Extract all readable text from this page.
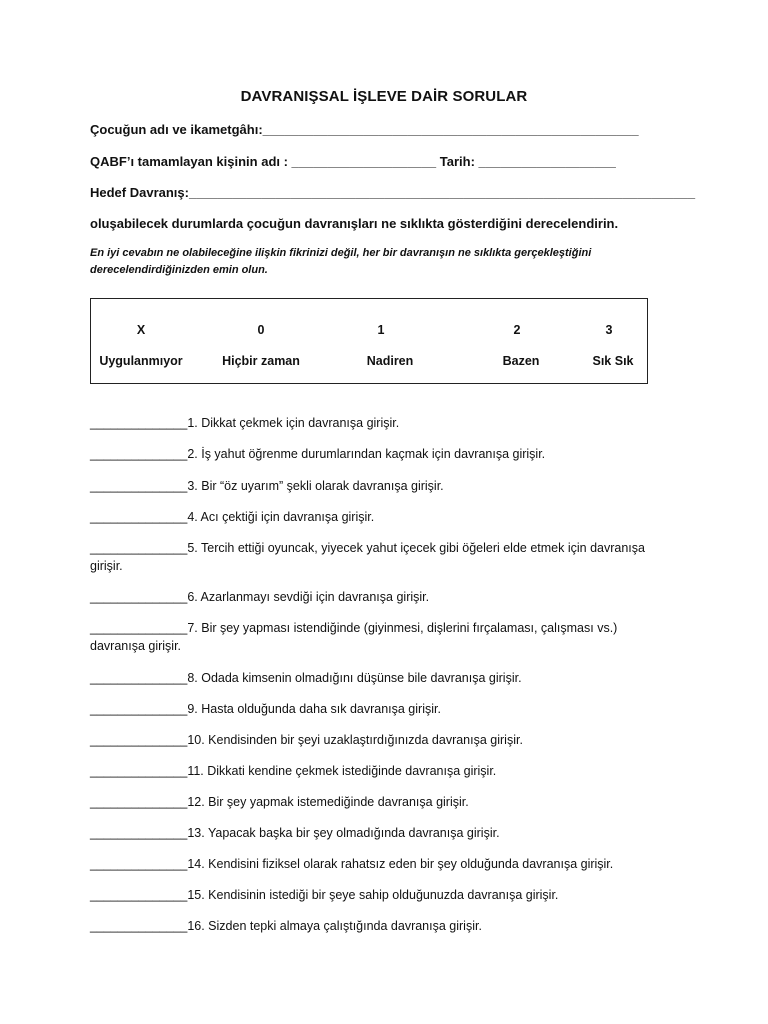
DAVRANIŞSAL İŞLEVE DAİR SORULAR
Çocuğun adı ve ikametgâhı:____________________________________________________
QABF’ı tamamlayan kişinin adı : ____________________ Tarih: ___________________
Hedef Davranış:______________________________________________________________________
oluşabilecek durumlarda çocuğun davranışları ne sıklıkta gösterdiğini derecelendirin.
En iyi cevabın ne olabileceğine ilişkin fikrinizi değil, her bir davranışın ne sıklıkta gerçekleştiğini derecelendirdiğinizden emin olun.
X
Uygulanmıyor
0
Hiçbir zaman
1
Nadiren
2
Bazen
3
Sık Sık
______________1. Dikkat çekmek için davranışa girişir.
______________2. İş yahut öğrenme durumlarından kaçmak için davranışa girişir.
______________3. Bir “öz uyarım” şekli olarak davranışa girişir.
______________4. Acı çektiği için davranışa girişir.
______________5. Tercih ettiği oyuncak, yiyecek yahut içecek gibi öğeleri elde etmek için davranışa girişir.
______________6. Azarlanmayı sevdiği için davranışa girişir.
______________7. Bir şey yapması istendiğinde (giyinmesi, dişlerini fırçalaması, çalışması vs.) davranışa girişir.
______________8. Odada kimsenin olmadığını düşünse bile davranışa girişir.
______________9. Hasta olduğunda daha sık davranışa girişir.
______________10. Kendisinden bir şeyi uzaklaştırdığınızda davranışa girişir.
______________11. Dikkati kendine çekmek istediğinde davranışa girişir.
______________12. Bir şey yapmak istemediğinde davranışa girişir.
______________13. Yapacak başka bir şey olmadığında davranışa girişir.
______________14. Kendisini fiziksel olarak rahatsız eden bir şey olduğunda davranışa girişir.
______________15. Kendisinin istediği bir şeye sahip olduğunuzda davranışa girişir.
______________16. Sizden tepki almaya çalıştığında davranışa girişir.
